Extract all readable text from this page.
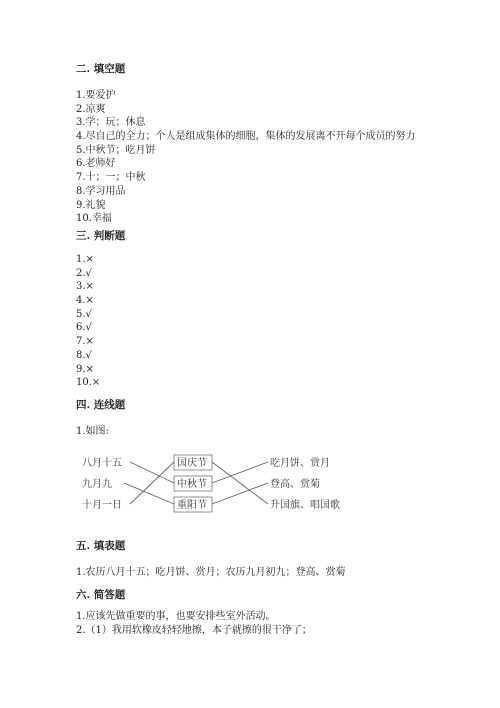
二. 填空题
1.要爱护
2.凉爽
3.学；玩；休息
4.尽自己的全力；个人是组成集体的细胞，集体的发展离不开每个成员的努力
5.中秋节；吃月饼
6.老师好
7.十；一；中秋
8.学习用品
9.礼貌
10.幸福
三. 判断题
1.×
2.√
3.×
4.×
5.√
6.√
7.×
8.√
9.×
10.×
四. 连线题
1.如图:
八月十五
九月九
十月一日
国庆节
中秋节
重阳节
吃月饼、赏月
登高、赏菊
升国旗、唱国歌
五. 填表题
1.农历八月十五；吃月饼、赏月；农历九月初九；登高、赏菊
六. 简答题
1.应该先做重要的事，也要安排些室外活动。
2.（1）我用软橡皮轻轻地擦，本子就擦的很干净了；
